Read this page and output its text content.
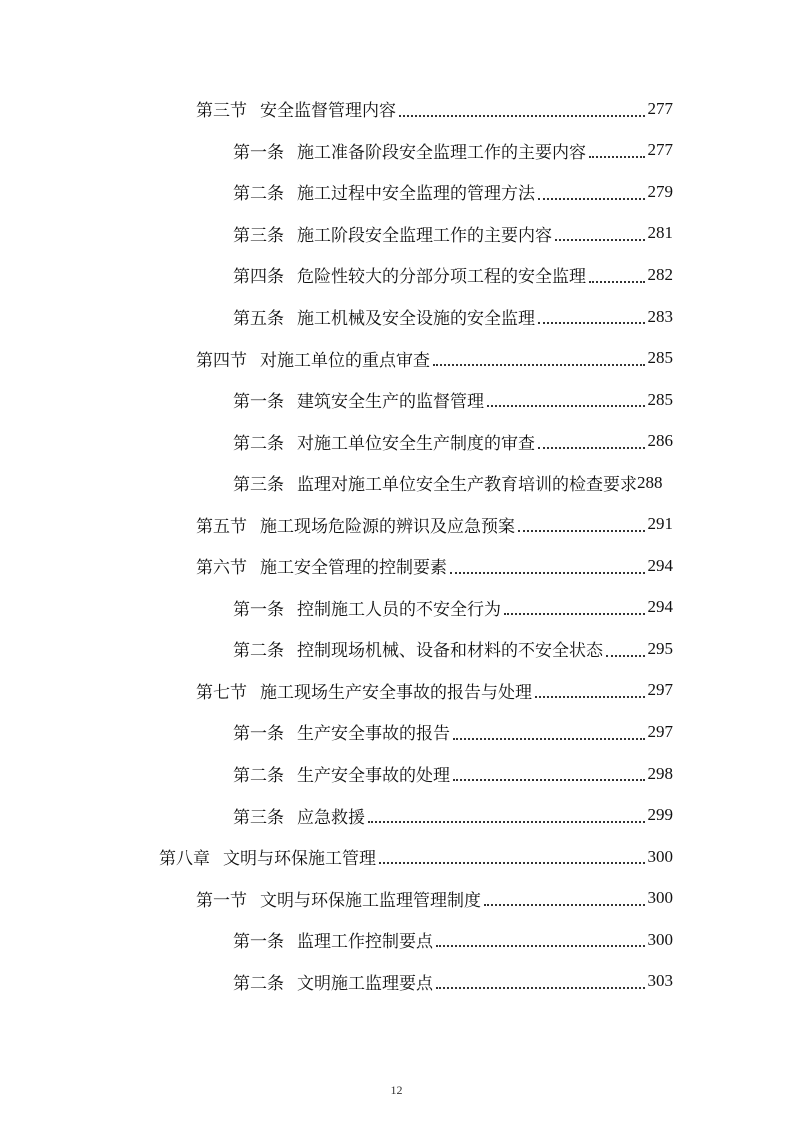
第三节 安全监督管理内容	277
第一条 施工准备阶段安全监理工作的主要内容	277
第二条 施工过程中安全监理的管理方法	279
第三条 施工阶段安全监理工作的主要内容	281
第四条 危险性较大的分部分项工程的安全监理	282
第五条 施工机械及安全设施的安全监理	283
第四节 对施工单位的重点审查	285
第一条 建筑安全生产的监督管理	285
第二条 对施工单位安全生产制度的审查	286
第三条 监理对施工单位安全生产教育培训的检查要求 288
第五节 施工现场危险源的辨识及应急预案	291
第六节 施工安全管理的控制要素	294
第一条 控制施工人员的不安全行为	294
第二条 控制现场机械、设备和材料的不安全状态	295
第七节 施工现场生产安全事故的报告与处理	297
第一条 生产安全事故的报告	297
第二条 生产安全事故的处理	298
第三条 应急救援	299
第八章 文明与环保施工管理	300
第一节 文明与环保施工监理管理制度	300
第一条 监理工作控制要点	300
第二条 文明施工监理要点	303
12
